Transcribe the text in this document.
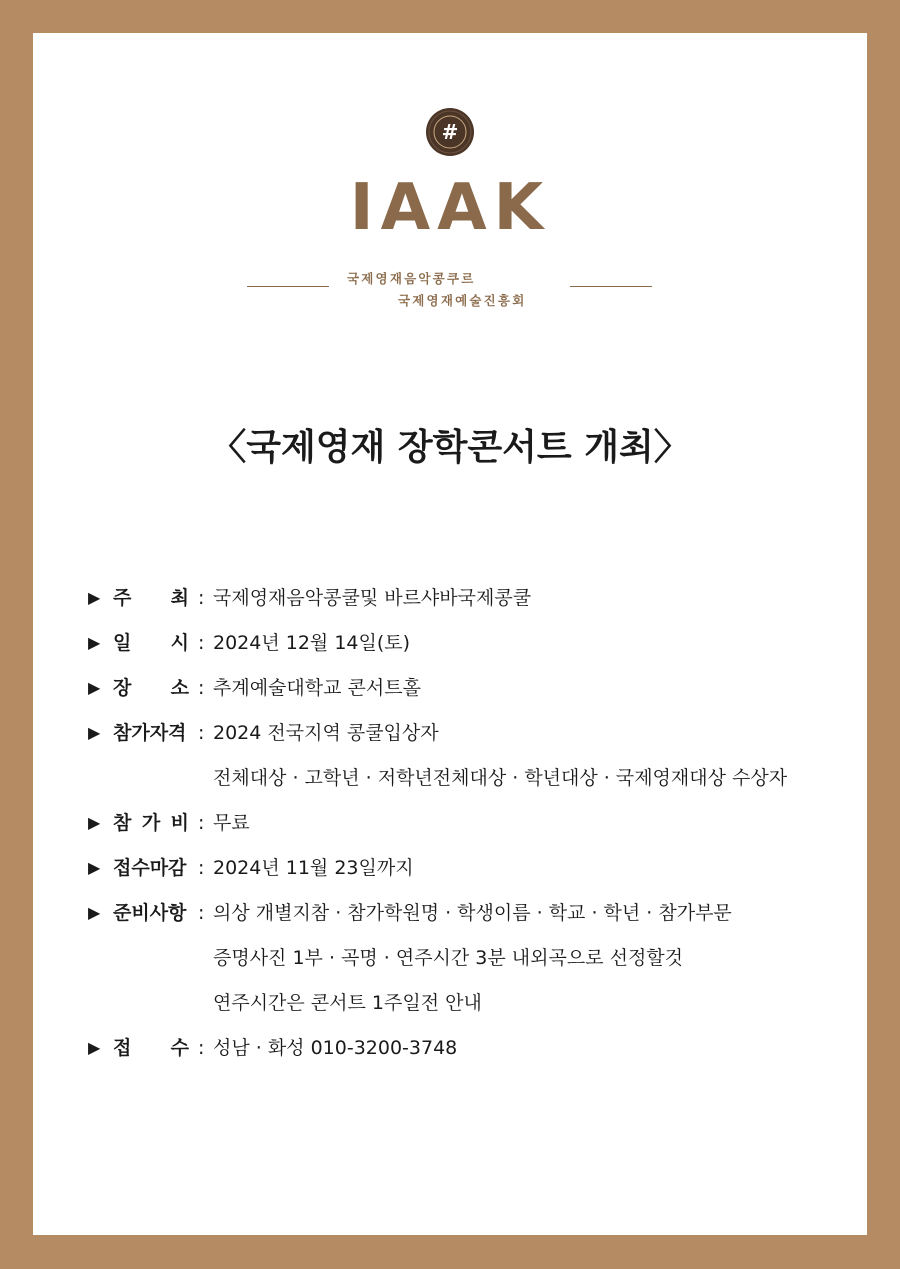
#
IAAK
국제영재음악콩쿠르
국제영재예술진흥회
〈국제영재 장학콘서트 개최〉
▶ 주 최 : 국제영재음악콩쿨및 바르샤바국제콩쿨
▶ 일 시 : 2024년 12월 14일(토)
▶ 장 소 : 추계예술대학교 콘서트홀
▶ 참가자격 : 2024 전국지역 콩쿨입상자
전체대상 · 고학년 · 저학년전체대상 · 학년대상 · 국제영재대상 수상자
▶ 참 가 비 : 무료
▶ 접수마감 : 2024년 11월 23일까지
▶ 준비사항 : 의상 개별지참 · 참가학원명 · 학생이름 · 학교 · 학년 · 참가부문
증명사진 1부 · 곡명 · 연주시간 3분 내외곡으로 선정할것
연주시간은 콘서트 1주일전 안내
▶ 접 수 : 성남 · 화성 010-3200-3748
